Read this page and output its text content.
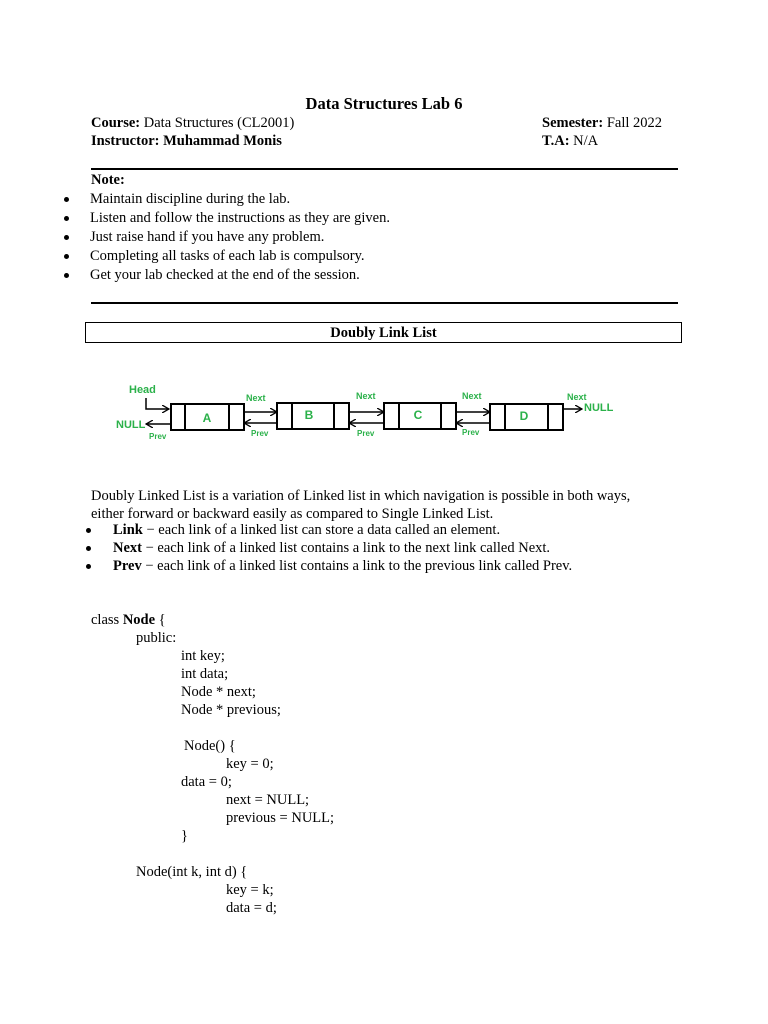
Data Structures Lab 6
Course: Data Structures (CL2001)	Semester: Fall 2022
Instructor: Muhammad Monis	T.A: N/A
Note:
Maintain discipline during the lab.
Listen and follow the instructions as they are given.
Just raise hand if you have any problem.
Completing all tasks of each lab is compulsory.
Get your lab checked at the end of the session.
Doubly Link List
Head
NULL	A	B	C	D
Next	Next	Next	Next
NULL
Prev	Prev	Prev	Prev
Doubly Linked List is a variation of Linked list in which navigation is possible in both ways,
either forward or backward easily as compared to Single Linked List.
Link − each link of a linked list can store a data called an element.
Next − each link of a linked list contains a link to the next link called Next.
Prev − each link of a linked list contains a link to the previous link called Prev.
class Node {
public:
int key;
int data;
Node * next;
Node * previous;
Node() {
key = 0;
data = 0;
next = NULL;
previous = NULL;
}
Node(int k, int d) {
key = k;
data = d;
